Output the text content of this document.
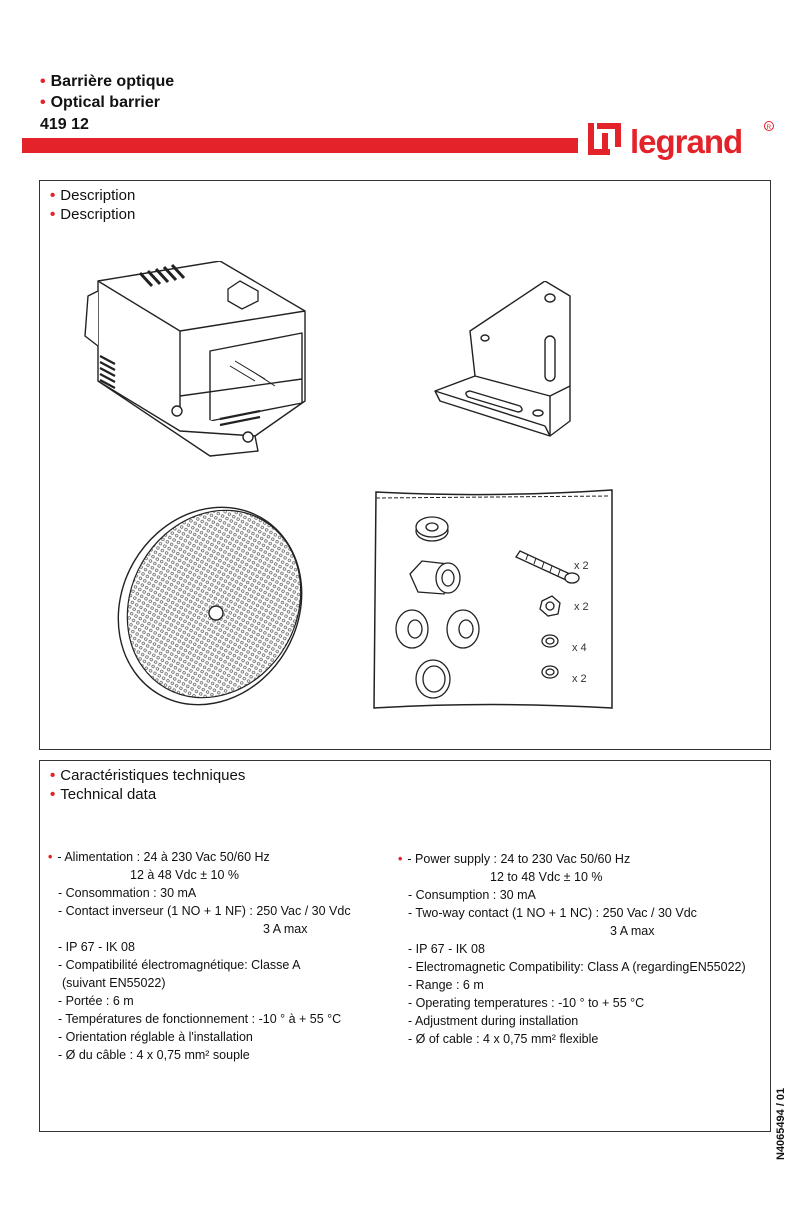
• Barrière optique
• Optical barrier
419 12	legrand	R
• Description
• Description
x 2
x 2
x 4
x 2
• Caractéristiques techniques
• Technical data
• - Alimentation : 24 à 230 Vac 50/60 Hz
12 à 48 Vdc ± 10 %
- Consommation : 30 mA
- Contact inverseur (1 NO + 1 NF) : 250 Vac / 30 Vdc
3 A max
- IP 67 - IK 08
- Compatibilité électromagnétique: Classe A
(suivant EN55022)
- Portée : 6 m
- Températures de fonctionnement : -10 ° à + 55 °C
- Orientation réglable à l'installation
- Ø du câble : 4 x 0,75 mm² souple
• - Power supply : 24 to 230 Vac 50/60 Hz
12 to 48 Vdc ± 10 %
- Consumption : 30 mA
- Two-way contact (1 NO + 1 NC) : 250 Vac / 30 Vdc
3 A max
- IP 67 - IK 08
- Electromagnetic Compatibility: Class A (regardingEN55022)
- Range : 6 m
- Operating temperatures : -10 ° to + 55 °C
- Adjustment during installation
- Ø of cable : 4 x 0,75 mm² flexible
N4065494 / 01
